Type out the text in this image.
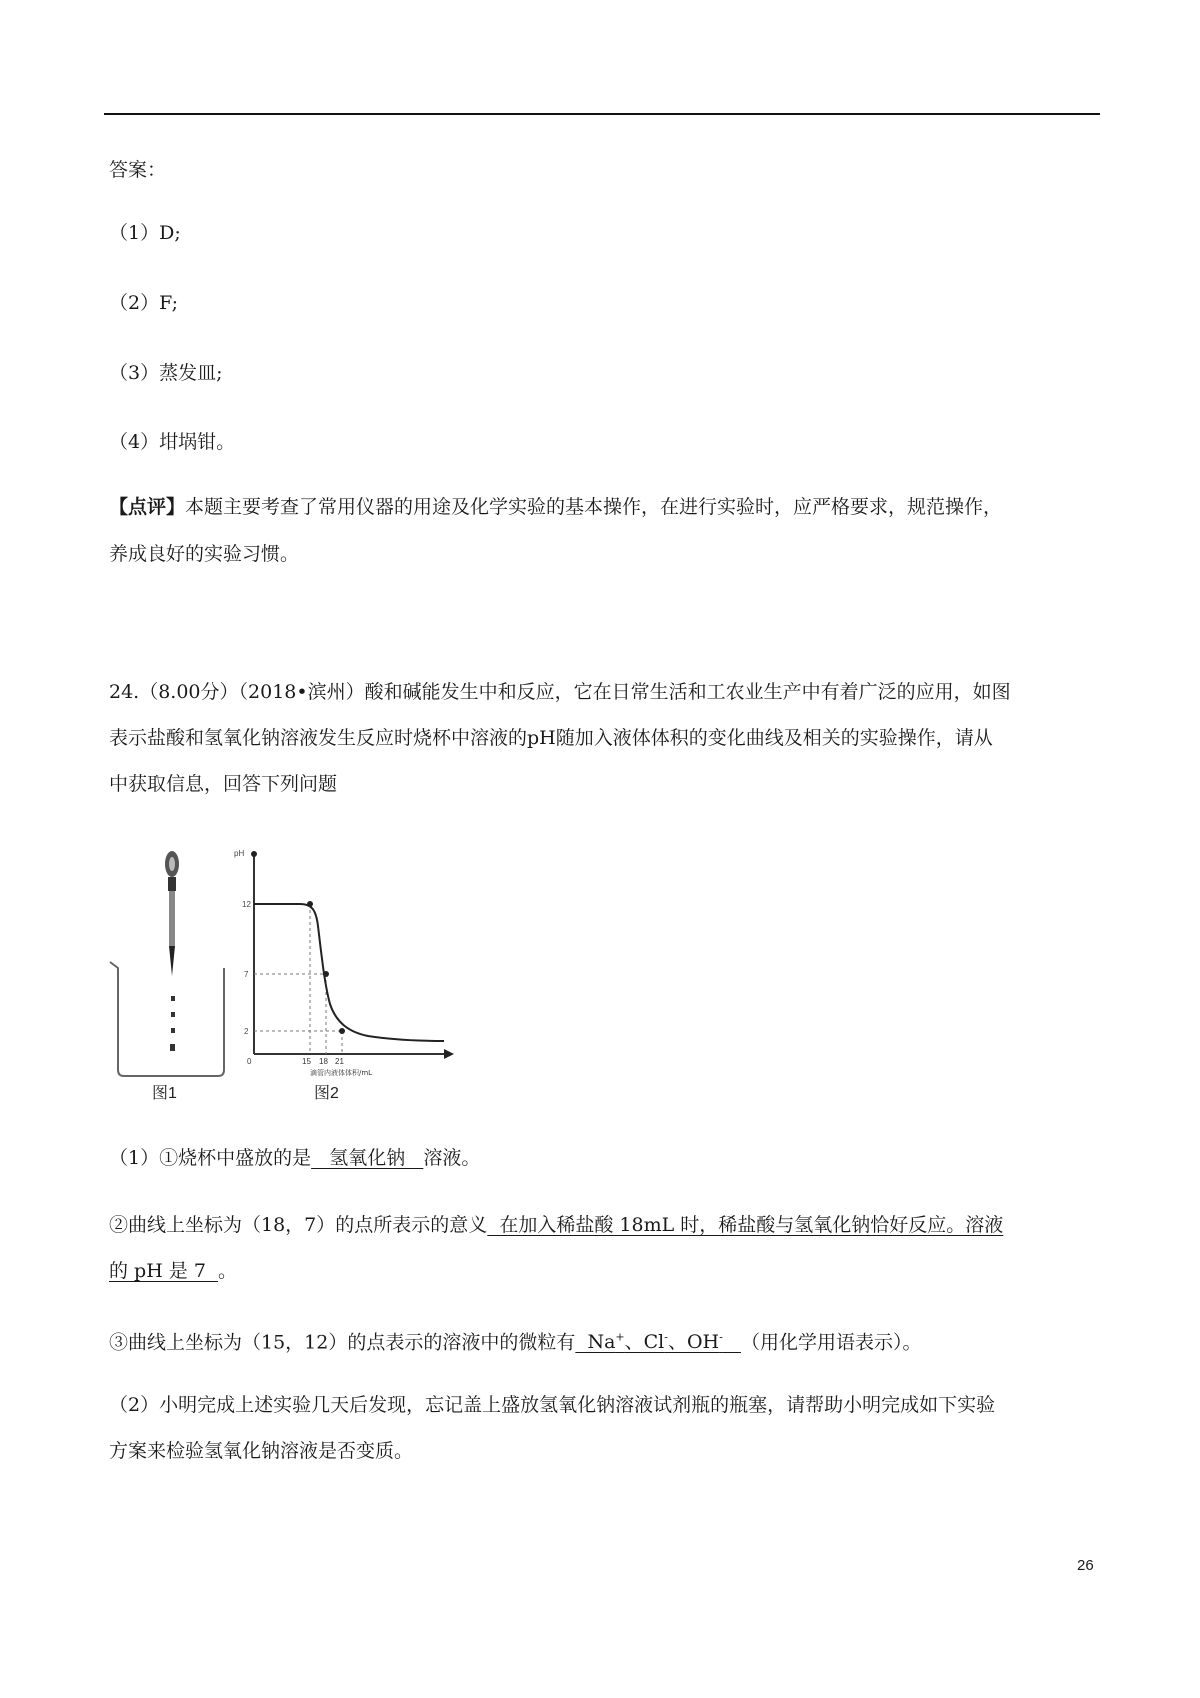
答案：
（1）D;
（2）F;
（3）蒸发皿;
（4）坩埚钳。
【点评】本题主要考查了常用仪器的用途及化学实验的基本操作，在进行实验时，应严格要求，规范操作，
养成良好的实验习惯。
24.（8.00分）（2018•滨州）酸和碱能发生中和反应，它在日常生活和工农业生产中有着广泛的应用，如图
表示盐酸和氢氧化钠溶液发生反应时烧杯中溶液的pH随加入液体体积的变化曲线及相关的实验操作，请从
中获取信息，回答下列问题
图1
pH
12
7
2
0	15 18 21
滴管内液体体积/mL
图2
（1）①烧杯中盛放的是   氢氧化钠   溶液。
②曲线上坐标为（18，7）的点所表示的意义  在加入稀盐酸 18mL 时，稀盐酸与氢氧化钠恰好反应。溶液
的 pH 是 7  。
③曲线上坐标为（15，12）的点表示的溶液中的微粒有  Na+、Cl-、OH- （用化学用语表示）。
（2）小明完成上述实验几天后发现，忘记盖上盛放氢氧化钠溶液试剂瓶的瓶塞，请帮助小明完成如下实验
方案来检验氢氧化钠溶液是否变质。
26
